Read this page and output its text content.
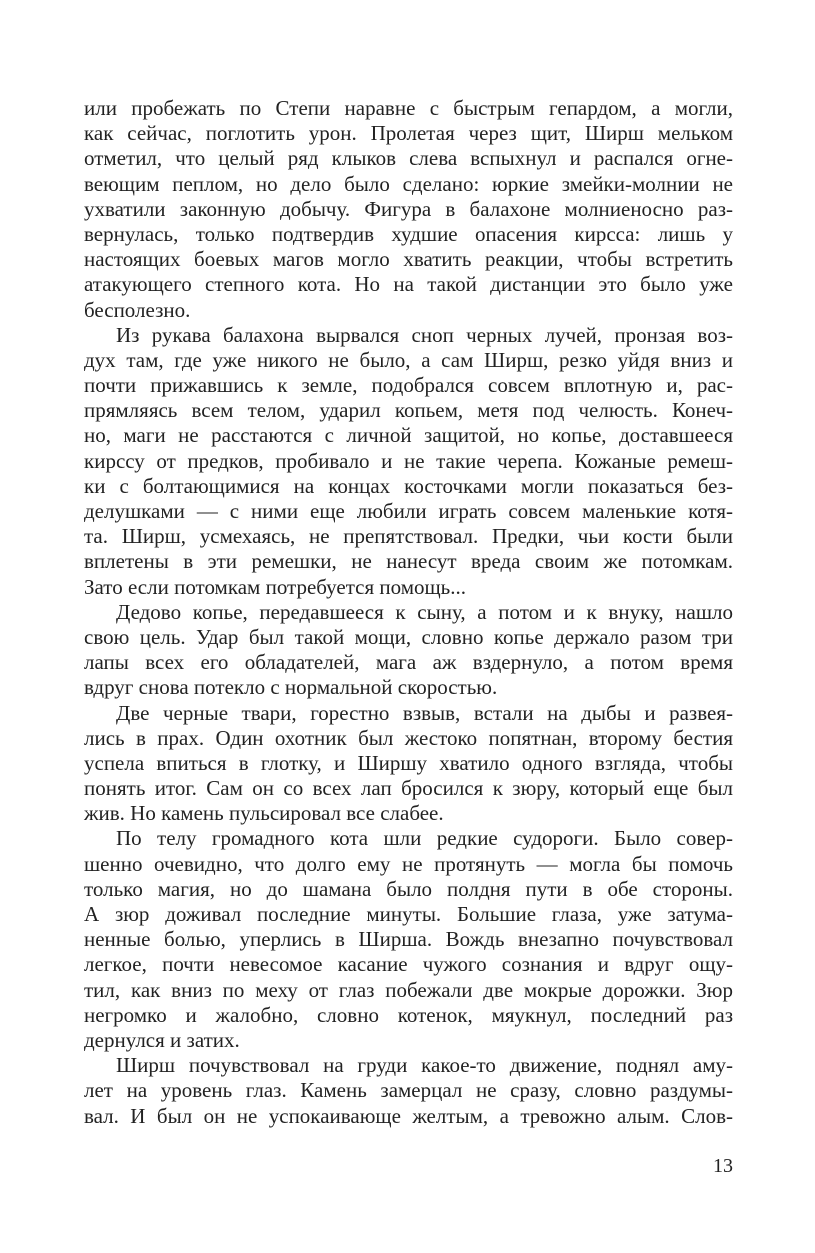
или пробежать по Степи наравне с быстрым гепардом, а могли,
как сейчас, поглотить урон. Пролетая через щит, Ширш мельком
отметил, что целый ряд клыков слева вспыхнул и распался огне-
веющим пеплом, но дело было сделано: юркие змейки-молнии не
ухватили законную добычу. Фигура в балахоне молниеносно раз-
вернулась, только подтвердив худшие опасения кирсса: лишь у
настоящих боевых магов могло хватить реакции, чтобы встретить
атакующего степного кота. Но на такой дистанции это было уже
бесполезно.
Из рукава балахона вырвался сноп черных лучей, пронзая воз-
дух там, где уже никого не было, а сам Ширш, резко уйдя вниз и
почти прижавшись к земле, подобрался совсем вплотную и, рас-
прямляясь всем телом, ударил копьем, метя под челюсть. Конеч-
но, маги не расстаются с личной защитой, но копье, доставшееся
кирссу от предков, пробивало и не такие черепа. Кожаные ремеш-
ки с болтающимися на концах косточками могли показаться без-
делушками — с ними еще любили играть совсем маленькие котя-
та. Ширш, усмехаясь, не препятствовал. Предки, чьи кости были
вплетены в эти ремешки, не нанесут вреда своим же потомкам.
Зато если потомкам потребуется помощь...
Дедово копье, передавшееся к сыну, а потом и к внуку, нашло
свою цель. Удар был такой мощи, словно копье держало разом три
лапы всех его обладателей, мага аж вздернуло, а потом время
вдруг снова потекло с нормальной скоростью.
Две черные твари, горестно взвыв, встали на дыбы и развея-
лись в прах. Один охотник был жестоко попятнан, второму бестия
успела впиться в глотку, и Ширшу хватило одного взгляда, чтобы
понять итог. Сам он со всех лап бросился к зюру, который еще был
жив. Но камень пульсировал все слабее.
По телу громадного кота шли редкие судороги. Было совер-
шенно очевидно, что долго ему не протянуть — могла бы помочь
только магия, но до шамана было полдня пути в обе стороны.
А зюр доживал последние минуты. Большие глаза, уже затума-
ненные болью, уперлись в Ширша. Вождь внезапно почувствовал
легкое, почти невесомое касание чужого сознания и вдруг ощу-
тил, как вниз по меху от глаз побежали две мокрые дорожки. Зюр
негромко и жалобно, словно котенок, мяукнул, последний раз
дернулся и затих.
Ширш почувствовал на груди какое-то движение, поднял аму-
лет на уровень глаз. Камень замерцал не сразу, словно раздумы-
вал. И был он не успокаивающе желтым, а тревожно алым. Слов-
13
